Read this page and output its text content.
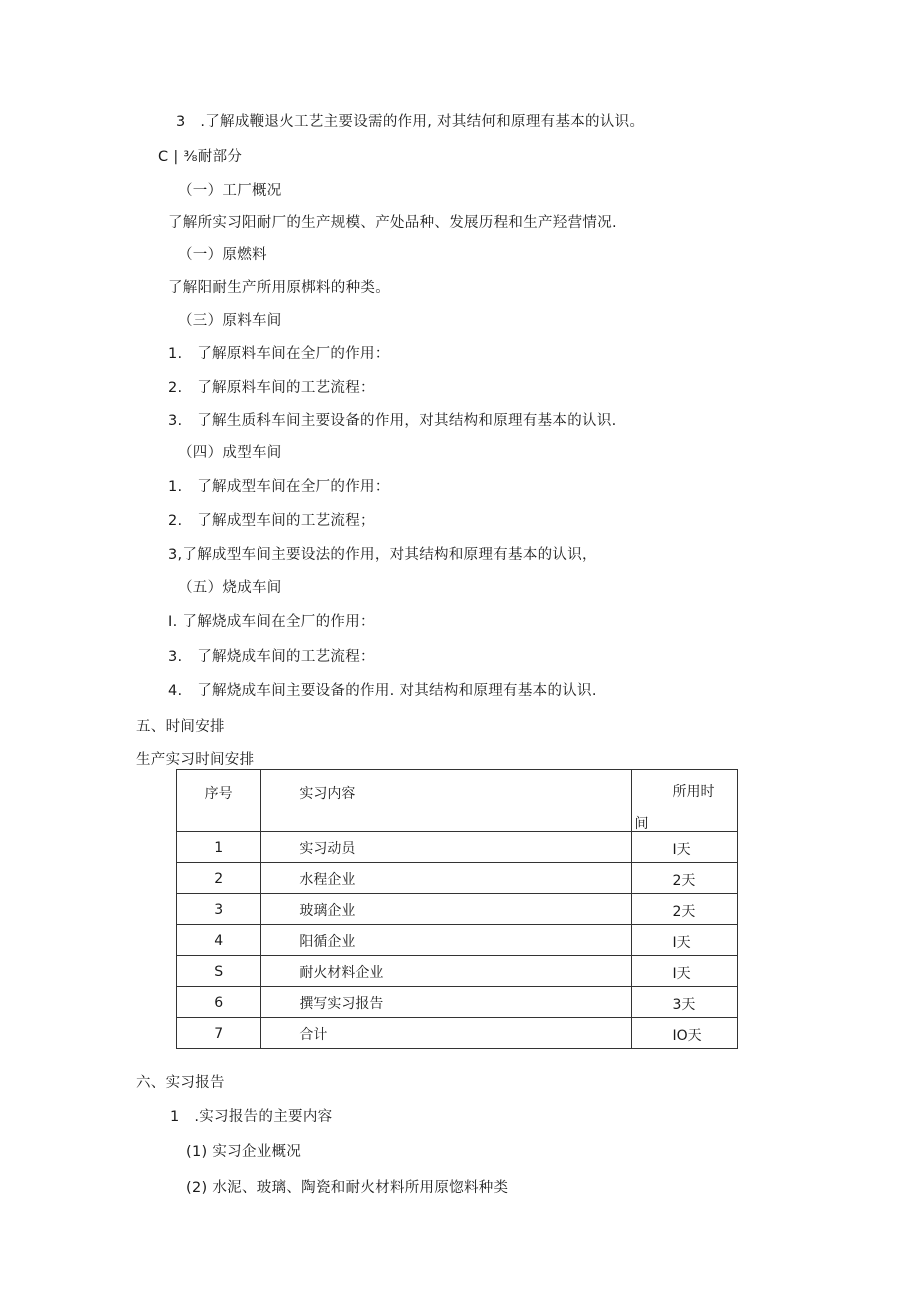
3　.了解成鞭退火工艺主要设需的作用, 对其结何和原理有基本的认识。
C | ⅜耐部分
（一）工厂概况
了解所实习阳耐厂的生产规模、产处品种、发展历程和生产羟营情况.
（一）原燃料
了解阳耐生产所用原梆料的种类。
（三）原料车间
1.　了解原料车间在全厂的作用：
2.　了解原料车间的工艺流程：
3.　了解生质科车间主要设备的作用，对其结构和原理有基本的认识.
（四）成型车间
1.　了解成型车间在全厂的作用：
2.　了解成型车间的工艺流程；
3,了解成型车间主要设法的作用，对其结构和原理有基本的认识，
（五）烧成车间
I. 了解烧成车间在全厂的作用：
3.　了解烧成车间的工艺流程：
4.　了解烧成车间主要设备的作用. 对其结构和原理有基本的认识.
五、时间安排
生产实习时间安排
序号	实习内容	所用时
间

1	实习动员	I天

2	水程企业	2天

3	玻璃企业	2天

4	阳循企业	I天

S	耐火材料企业	I天

6	撰写实习报告	3天

7	合计	IO天
六、实习报告
1　.实习报告的主要内容
(1) 实习企业概况
(2) 水泥、玻璃、陶瓷和耐火材料所用原惚料种类
